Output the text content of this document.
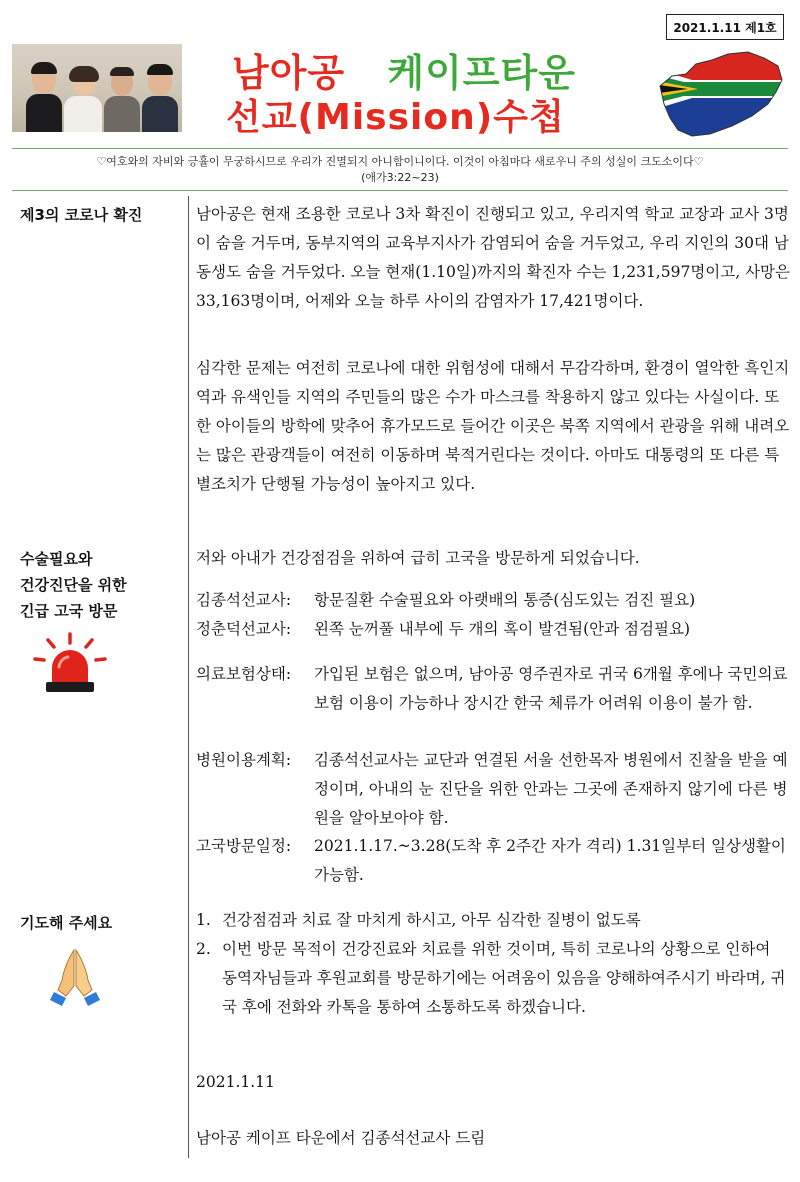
2021.1.11 제1호
남아공 케이프타운
선교(Mission)수첩
♡여호와의 자비와 긍휼이 무궁하시므로 우리가 진멸되지 아니함이니이다. 이것이 아침마다 새로우니 주의 성실이 크도소이다♡
(애가3:22~23)
제3의 코로나 확진	남아공은 현재 조용한 코로나 3차 확진이 진행되고 있고, 우리지역 학교 교장과 교사 3명이 숨을 거두며, 동부지역의 교육부지사가 감염되어 숨을 거두었고, 우리 지인의 30대 남동생도 숨을 거두었다. 오늘 현재(1.10일)까지의 확진자 수는 1,231,597명이고, 사망은 33,163명이며, 어제와 오늘 하루 사이의 감염자가 17,421명이다.

심각한 문제는 여전히 코로나에 대한 위험성에 대해서 무감각하며, 환경이 열악한 흑인지역과 유색인들 지역의 주민들의 많은 수가 마스크를 착용하지 않고 있다는 사실이다. 또한 아이들의 방학에 맞추어 휴가모드로 들어간 이곳은 북쪽 지역에서 관광을 위해 내려오는 많은 관광객들이 여전히 이동하며 북적거린다는 것이다. 아마도 대통령의 또 다른 특별조치가 단행될 가능성이 높아지고 있다.

수술필요와
건강진단을 위한
긴급 고국 방문
저와 아내가 건강점검을 위하여 급히 고국을 방문하게 되었습니다.
김종석선교사: 항문질환 수술필요와 아랫배의 통증(심도있는 검진 필요)
정춘덕선교사: 왼쪽 눈꺼풀 내부에 두 개의 혹이 발견됨(안과 점검필요)
의료보험상태: 가입된 보험은 없으며, 남아공 영주권자로 귀국 6개월 후에나 국민의료보험 이용이 가능하나 장시간 한국 체류가 어려워 이용이 불가 함.
병원이용계획: 김종석선교사는 교단과 연결된 서울 선한목자 병원에서 진찰을 받을 예정이며, 아내의 눈 진단을 위한 안과는 그곳에 존재하지 않기에 다른 병원을 알아보아야 함.
고국방문일정: 2021.1.17.~3.28(도착 후 2주간 자가 격리) 1.31일부터 일상생활이 가능함.
기도해 주세요	1. 건강점검과 치료 잘 마치게 하시고, 아무 심각한 질병이 없도록
2. 이번 방문 목적이 건강진료와 치료를 위한 것이며, 특히 코로나의 상황으로 인하여 동역자님들과 후원교회를 방문하기에는 어려움이 있음을 양해하여주시기 바라며, 귀국 후에 전화와 카톡을 통하여 소통하도록 하겠습니다.
2021.1.11
남아공 케이프 타운에서 김종석선교사 드림
